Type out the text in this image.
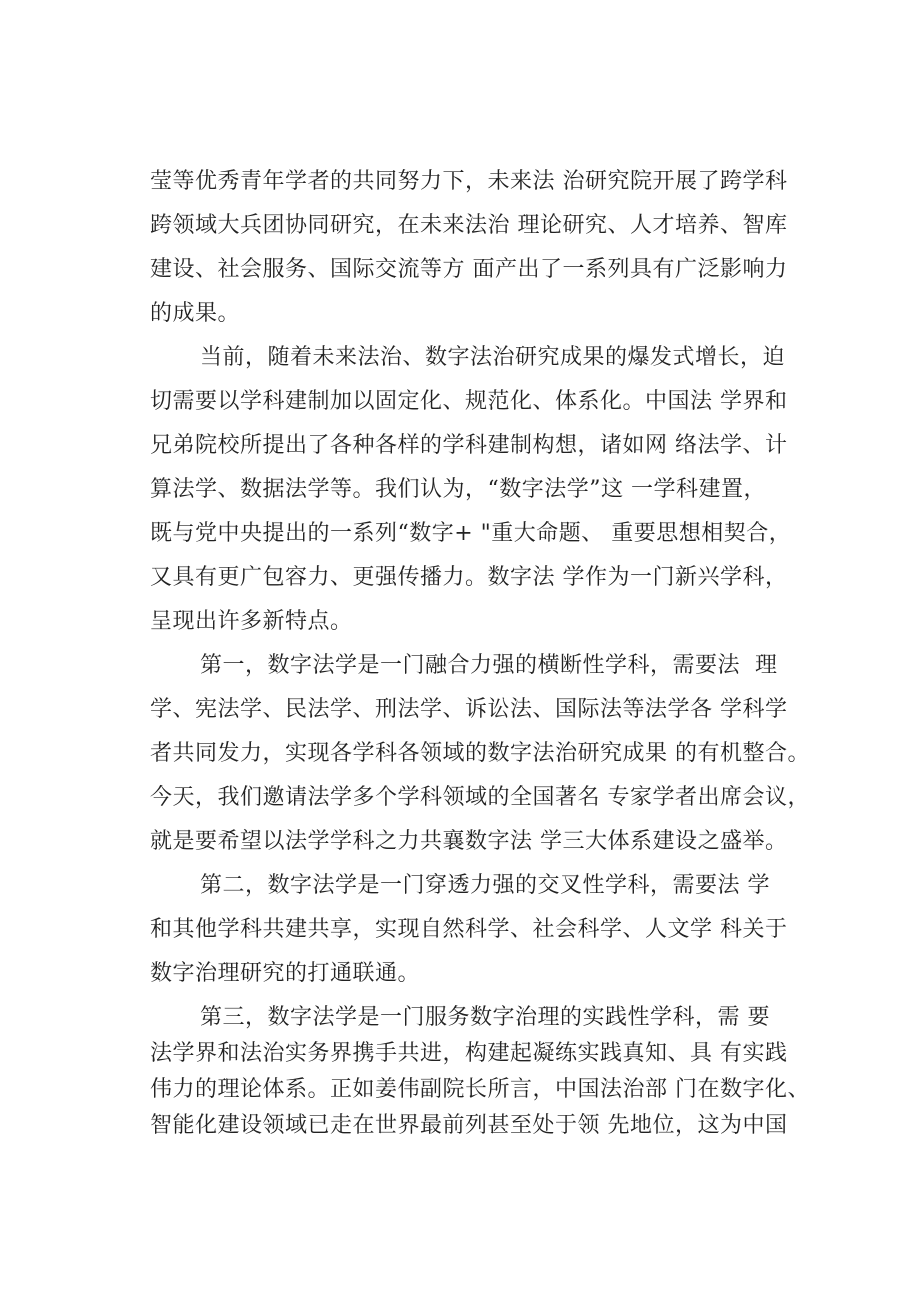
莹等优秀青年学者的共同努力下，未来法 治研究院开展了跨学科
跨领域大兵团协同研究，在未来法治 理论研究、人才培养、智库
建设、社会服务、国际交流等方 面产出了一系列具有广泛影响力
的成果。
当前，随着未来法治、数字法治研究成果的爆发式增长，迫
切需要以学科建制加以固定化、规范化、体系化。中国法 学界和
兄弟院校所提出了各种各样的学科建制构想，诸如网 络法学、计
算法学、数据法学等。我们认为，“数字法学”这 一学科建置，
既与党中央提出的一系列“数字+ "重大命题、 重要思想相契合，
又具有更广包容力、更强传播力。数字法 学作为一门新兴学科，
呈现出许多新特点。
第一，数字法学是一门融合力强的横断性学科，需要法  理
学、宪法学、民法学、刑法学、诉讼法、国际法等法学各 学科学
者共同发力，实现各学科各领域的数字法治研究成果 的有机整合。
今天，我们邀请法学多个学科领域的全国著名 专家学者出席会议，
就是要希望以法学学科之力共襄数字法 学三大体系建设之盛举。
第二，数字法学是一门穿透力强的交叉性学科，需要法 学
和其他学科共建共享，实现自然科学、社会科学、人文学 科关于
数字治理研究的打通联通。
第三，数字法学是一门服务数字治理的实践性学科，需 要
法学界和法治实务界携手共进，构建起凝练实践真知、具 有实践
伟力的理论体系。正如姜伟副院长所言，中国法治部 门在数字化、
智能化建设领域已走在世界最前列甚至处于领 先地位，这为中国
